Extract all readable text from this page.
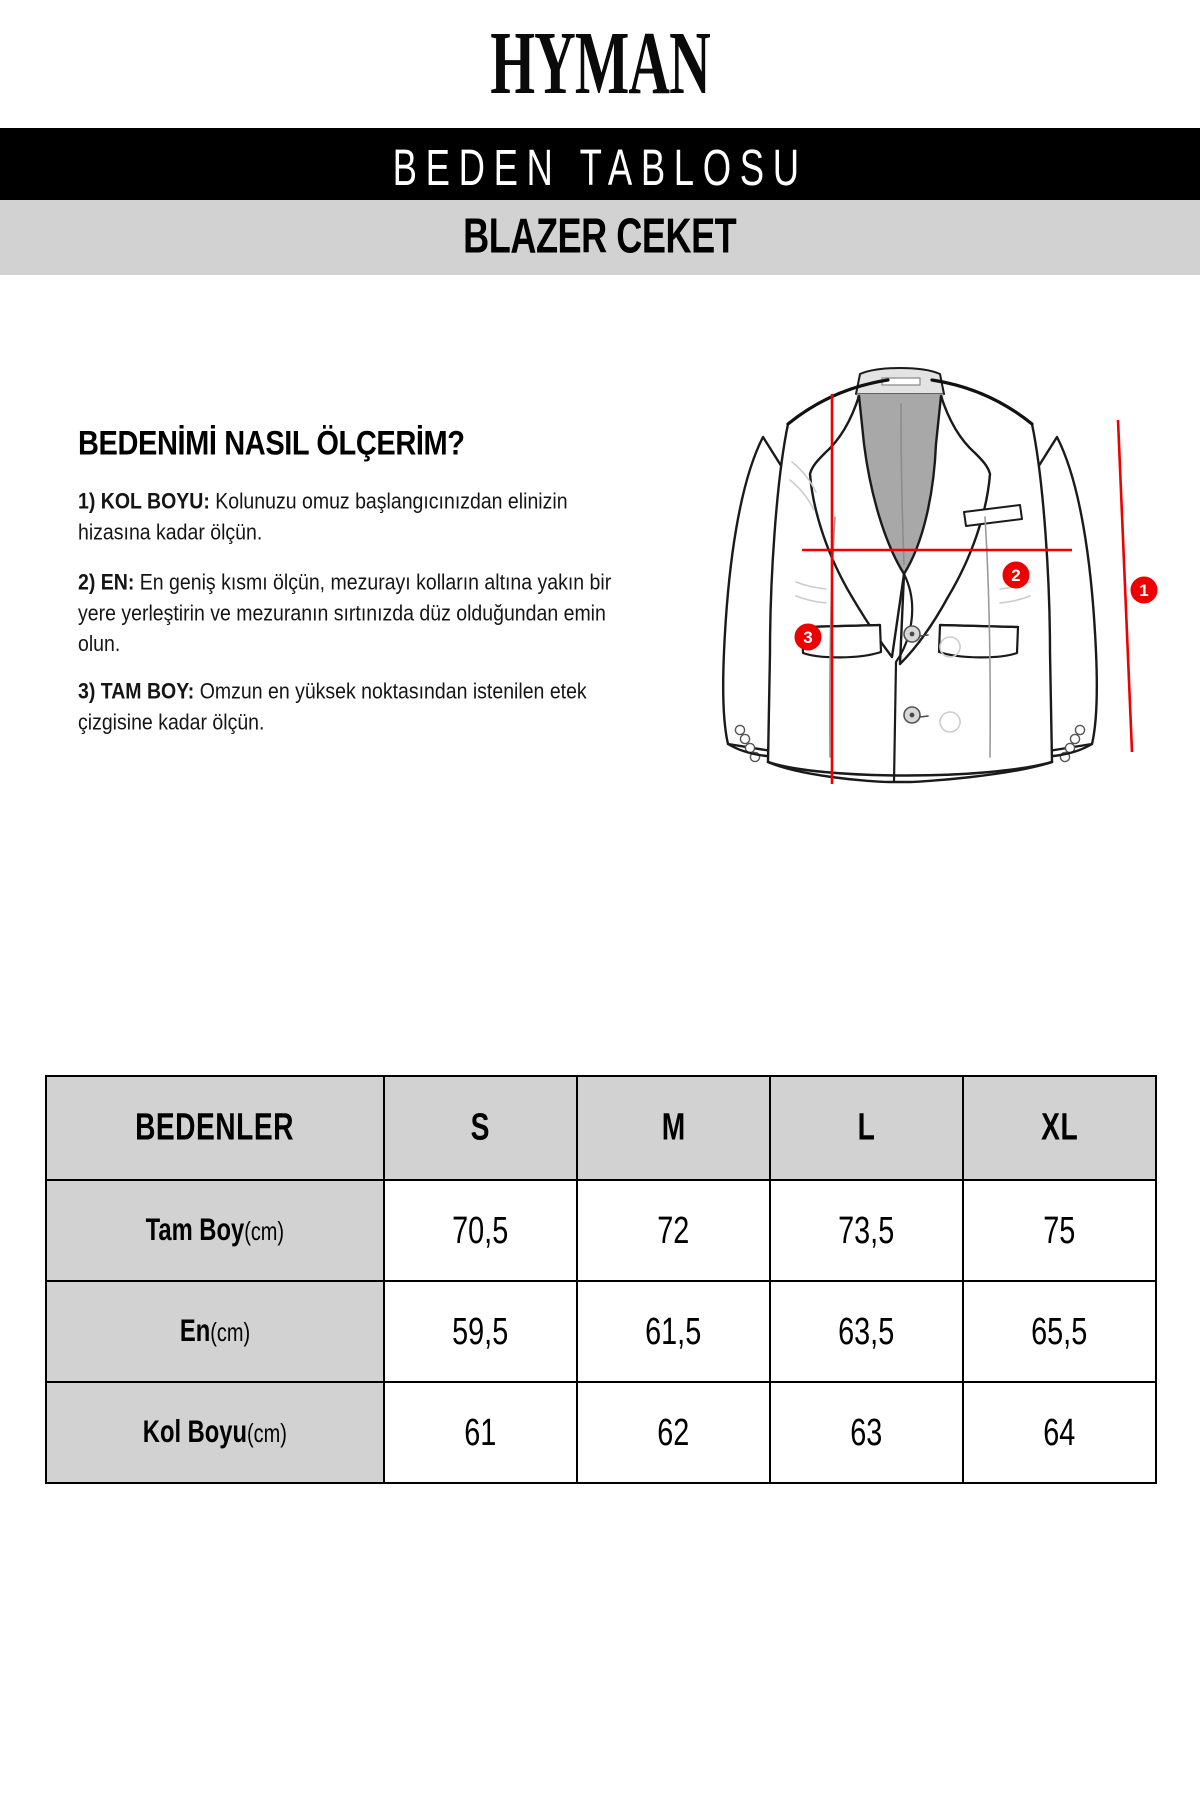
HYMAN
BEDEN TABLOSU
BLAZER CEKET
BEDENİMİ NASIL ÖLÇERİM?

1) KOL BOYU: Kolunuzu omuz başlangıcınızdan elinizin hizasına kadar ölçün.

2) EN: En geniş kısmı ölçün, mezurayı kolların altına yakın bir yere yerleştirin ve mezuranın sırtınızda düz olduğundan emin olun.

3) TAM BOY: Omzun en yüksek noktasından istenilen etek çizgisine kadar ölçün.

1
2
3
BEDENLER	S	M	L	XL
Tam Boy(cm)	70,5	72	73,5	75
En(cm)	59,5	61,5	63,5	65,5
Kol Boyu(cm)	61	62	63	64
